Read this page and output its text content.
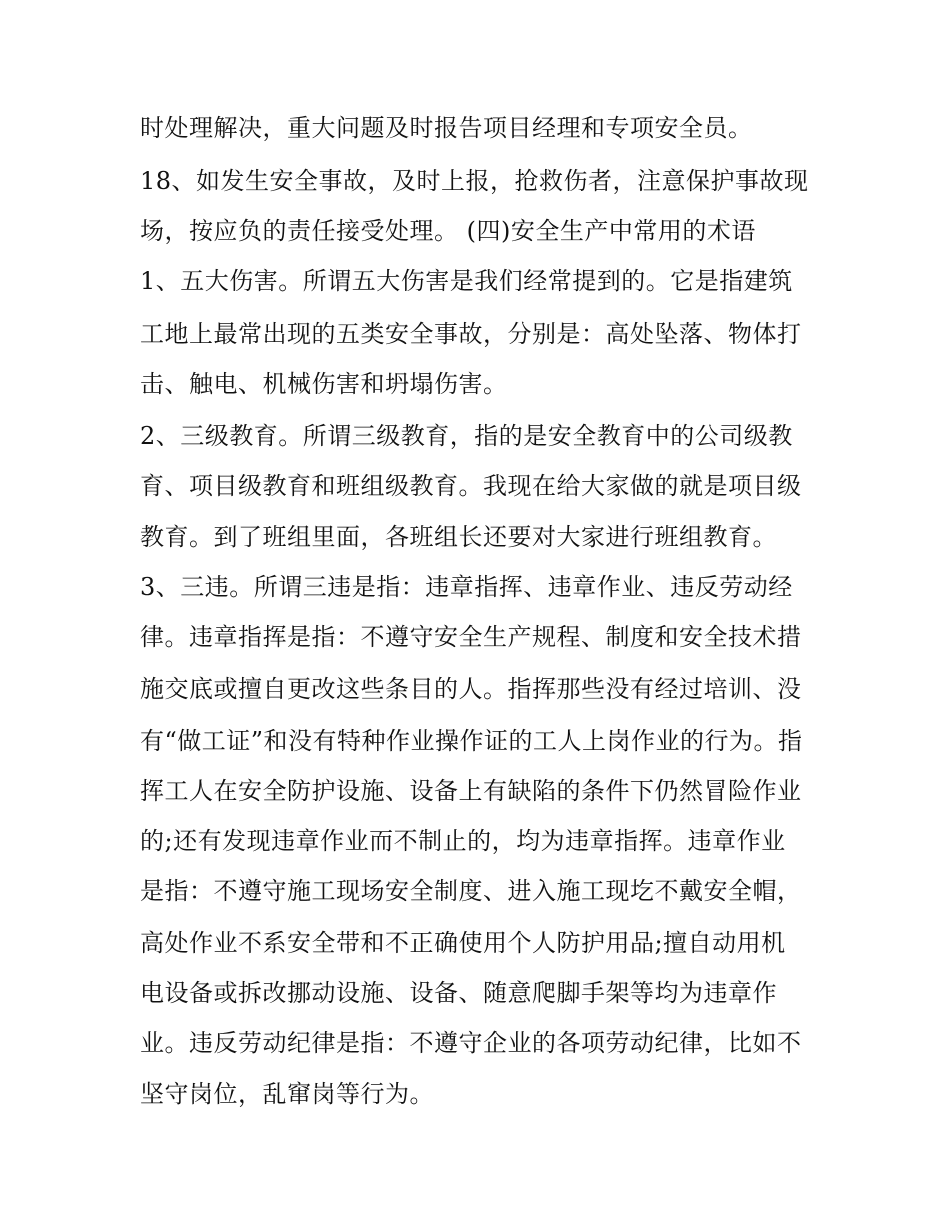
时处理解决，重大问题及时报告项目经理和专项安全员。
18、如发生安全事故，及时上报，抢救伤者，注意保护事故现
场，按应负的责任接受处理。 (四)安全生产中常用的术语
1、五大伤害。所谓五大伤害是我们经常提到的。它是指建筑
工地上最常出现的五类安全事故，分别是：高处坠落、物体打
击、触电、机械伤害和坍塌伤害。
2、三级教育。所谓三级教育，指的是安全教育中的公司级教
育、项目级教育和班组级教育。我现在给大家做的就是项目级
教育。到了班组里面，各班组长还要对大家进行班组教育。
3、三违。所谓三违是指：违章指挥、违章作业、违反劳动经
律。违章指挥是指：不遵守安全生产规程、制度和安全技术措
施交底或擅自更改这些条目的人。指挥那些没有经过培训、没
有“做工证”和没有特种作业操作证的工人上岗作业的行为。指
挥工人在安全防护设施、设备上有缺陷的条件下仍然冒险作业
的;还有发现违章作业而不制止的，均为违章指挥。违章作业
是指：不遵守施工现场安全制度、进入施工现圪不戴安全帽，
高处作业不系安全带和不正确使用个人防护用品;擅自动用机
电设备或拆改挪动设施、设备、随意爬脚手架等均为违章作
业。违反劳动纪律是指：不遵守企业的各项劳动纪律，比如不
坚守岗位，乱窜岗等行为。
